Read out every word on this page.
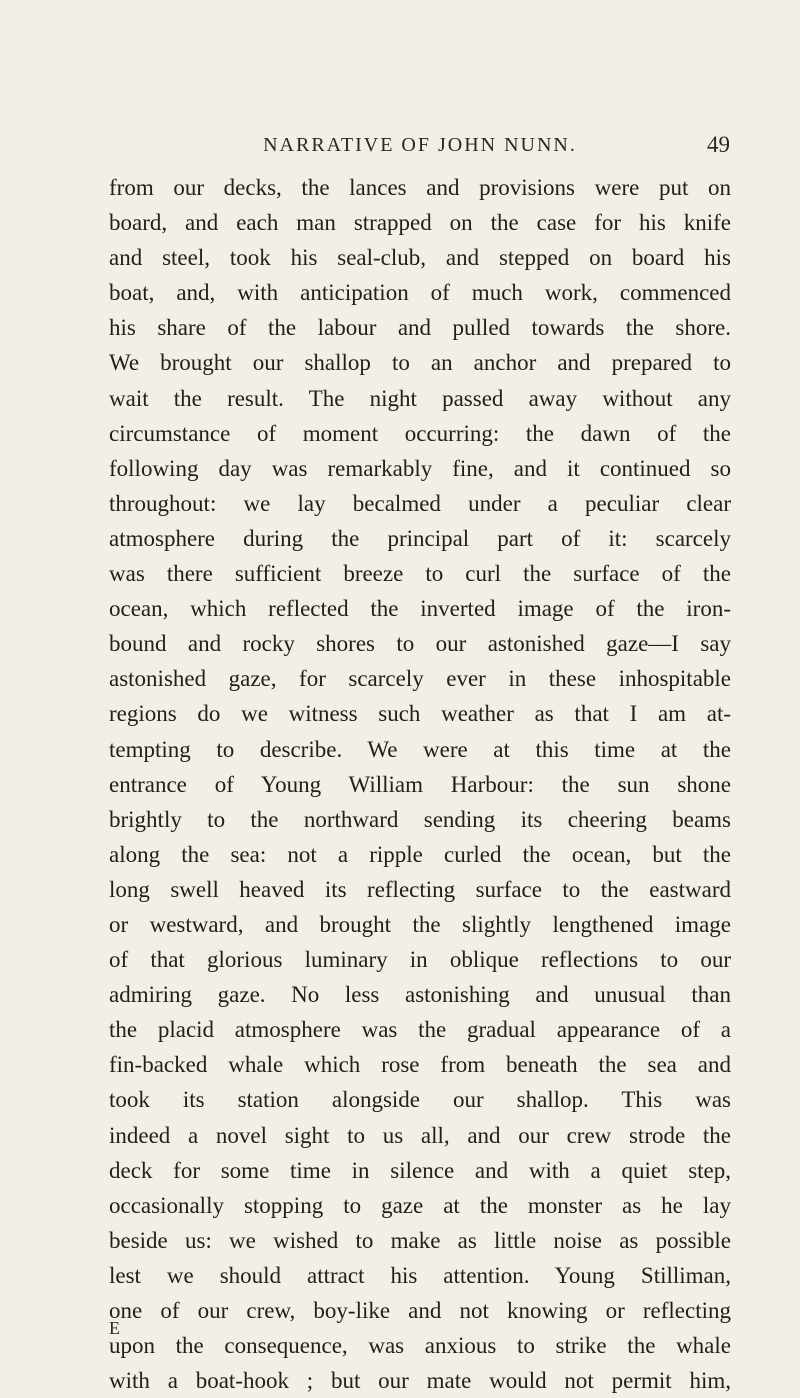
NARRATIVE OF JOHN NUNN.	49
from our decks, the lances and provisions were put on
board, and each man strapped on the case for his knife
and steel, took his seal-club, and stepped on board his
boat, and, with anticipation of much work, commenced
his share of the labour and pulled towards the shore.
We brought our shallop to an anchor and prepared to
wait the result. The night passed away without any
circumstance of moment occurring: the dawn of the
following day was remarkably fine, and it continued so
throughout: we lay becalmed under a peculiar clear
atmosphere during the principal part of it: scarcely
was there sufficient breeze to curl the surface of the
ocean, which reflected the inverted image of the iron-
bound and rocky shores to our astonished gaze—I say
astonished gaze, for scarcely ever in these inhospitable
regions do we witness such weather as that I am at-
tempting to describe. We were at this time at the
entrance of Young William Harbour: the sun shone
brightly to the northward sending its cheering beams
along the sea: not a ripple curled the ocean, but the
long swell heaved its reflecting surface to the eastward
or westward, and brought the slightly lengthened image
of that glorious luminary in oblique reflections to our
admiring gaze. No less astonishing and unusual than
the placid atmosphere was the gradual appearance of a
fin-backed whale which rose from beneath the sea and
took its station alongside our shallop. This was
indeed a novel sight to us all, and our crew strode the
deck for some time in silence and with a quiet step,
occasionally stopping to gaze at the monster as he lay
beside us: we wished to make as little noise as possible
lest we should attract his attention. Young Stilliman,
one of our crew, boy-like and not knowing or reflecting
upon the consequence, was anxious to strike the whale
with a boat-hook ; but our mate would not permit him,
E
